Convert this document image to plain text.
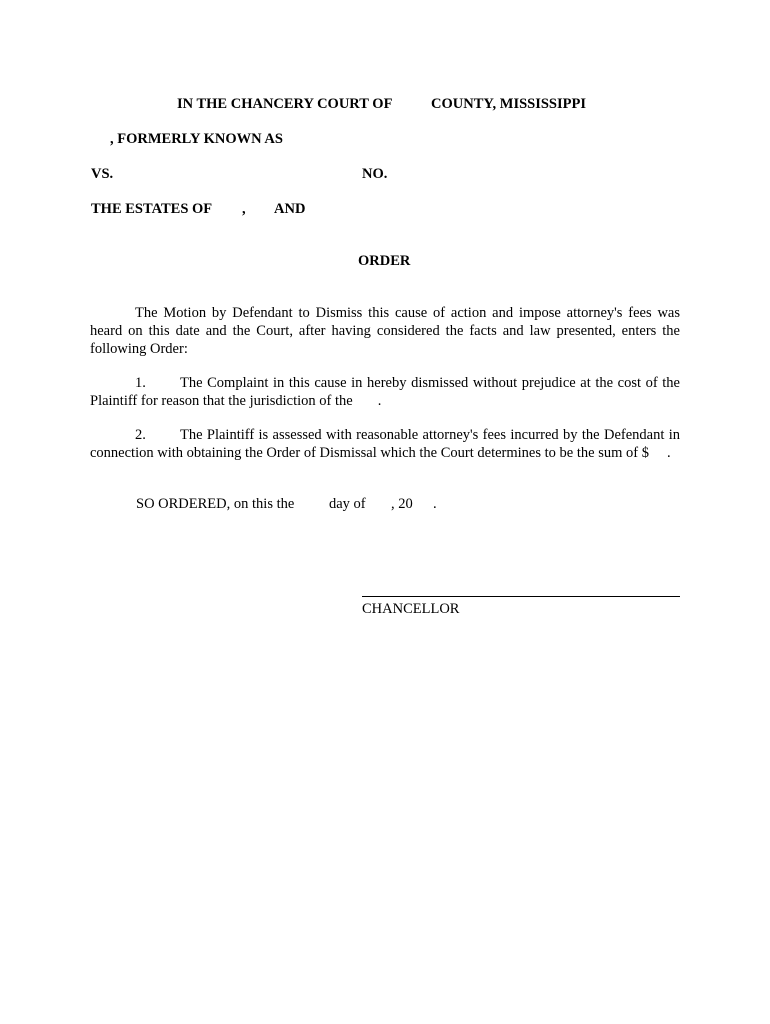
IN THE CHANCERY COURT OF	COUNTY, MISSISSIPPI
, FORMERLY KNOWN AS
VS.	NO.
THE ESTATES OF , AND
ORDER
The Motion by Defendant to Dismiss this cause of action and impose attorney's fees was heard on this date and the Court, after having considered the facts and law presented, enters the following Order:
1. The Complaint in this cause in hereby dismissed without prejudice at the cost of the Plaintiff for reason that the jurisdiction of the .
2. The Plaintiff is assessed with reasonable attorney's fees incurred by the Defendant in connection with obtaining the Order of Dismissal which the Court determines to be the sum of $ .
SO ORDERED, on this the day of , 20 .
CHANCELLOR
